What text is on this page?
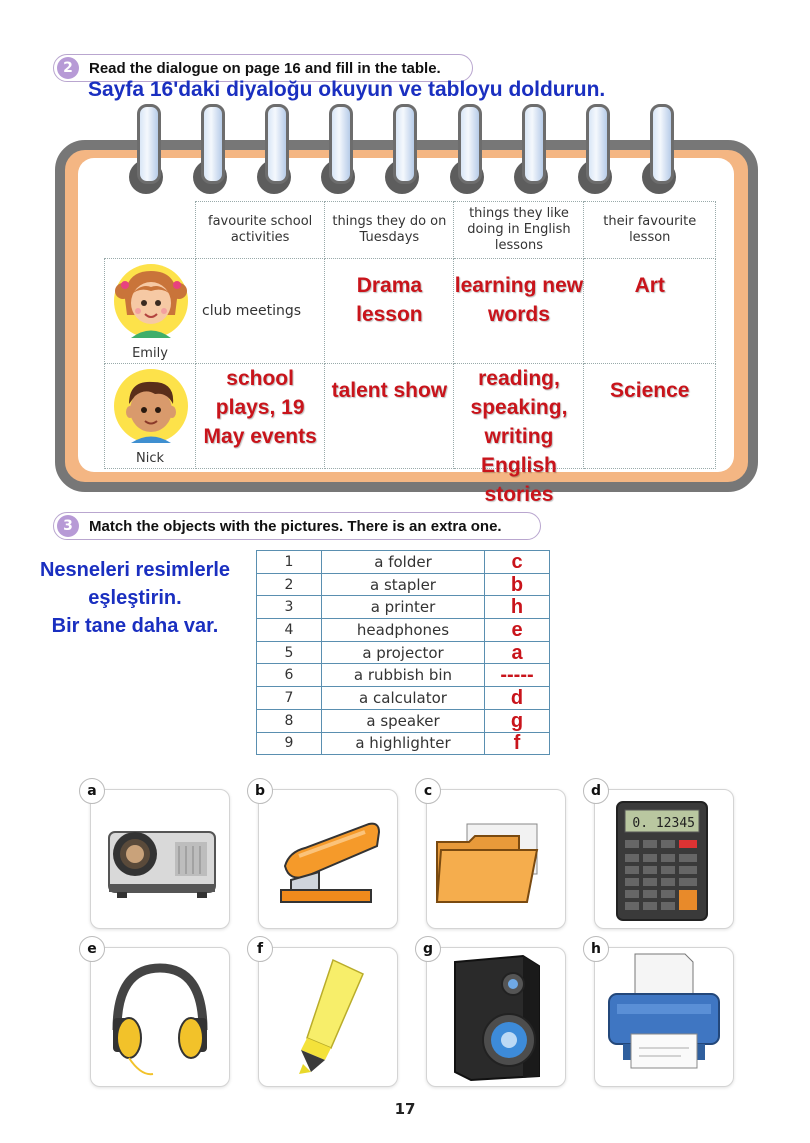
2	Read the dialogue on page 16 and fill in the table.
Sayfa 16'daki diyaloğu okuyun ve tabloyu doldurun.
	favourite school activities	things they do on Tuesdays	things they like doing in English lessons	their favourite lesson

Emily	club meetings	Drama lesson	learning new words	Art

Nick	school plays, 19 May events	talent show	reading, speaking, writing English stories	Science
3	Match the objects with the pictures. There is an extra one.
Nesneleri resimlerle
eşleştirin.
Bir tane daha var.
1	a folder	c
2	a stapler	b
3	a printer	h
4	headphones	e
5	a projector	a
6	a rubbish bin	-----
7	a calculator	d
8	a speaker	g
9	a highlighter	f
a	b	c
0. 12345
d
e	f	g	h
17
